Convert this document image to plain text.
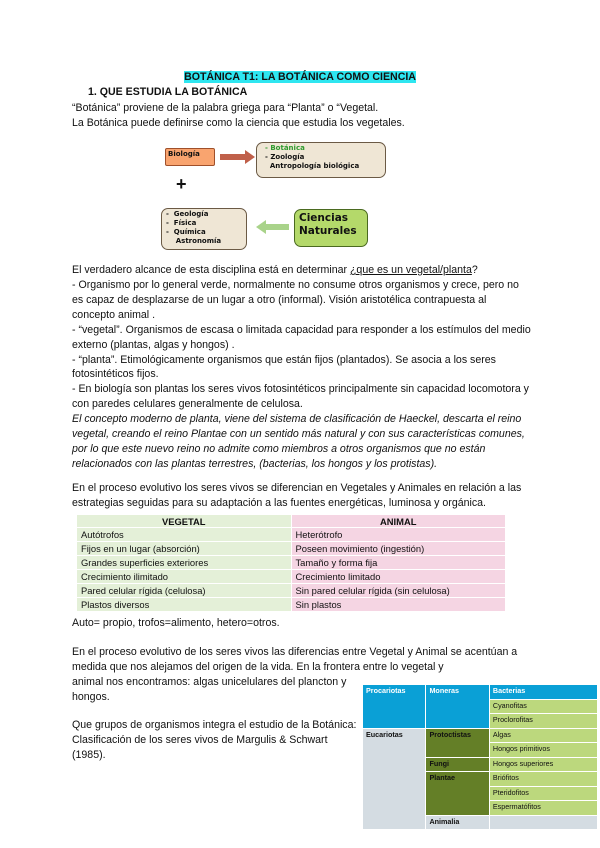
BOTÁNICA T1: LA BOTÁNICA COMO CIENCIA
1. QUE ESTUDIA LA BOTÁNICA
“Botánica” proviene de la palabra griega para “Planta” o “Vegetal.
La Botánica puede definirse como la ciencia que estudia los vegetales.
Biología
- Botánica
- Zoología
Antropología biológica
+
-  Geología
-  Física
-  Química
Astronomía
Ciencias Naturales
El verdadero alcance de esta disciplina está en determinar ¿que es un vegetal/planta?
- Organismo por lo general verde, normalmente no consume otros organismos y crece, pero no es capaz de desplazarse de un lugar a otro (informal). Visión aristotélica contrapuesta al concepto animal .
- “vegetal”. Organismos de escasa o limitada capacidad para responder a los estímulos del medio externo (plantas, algas y hongos) .
- “planta”. Etimológicamente organismos que están fijos (plantados). Se asocia a los seres fotosintéticos fijos.
- En biología son plantas los seres vivos fotosintéticos principalmente sin capacidad locomotora y con paredes celulares generalmente de celulosa.
El concepto moderno de planta, viene del sistema de clasificación de Haeckel, descarta el reino vegetal, creando el reino Plantae con un sentido más natural y con sus características comunes, por lo que este nuevo reino no admite como miembros a otros organismos que no están relacionados con las plantas terrestres, (bacterias, los hongos y los protistas).
En el proceso evolutivo los seres vivos se diferencian en Vegetales y Animales en relación a las estrategias seguidas para su adaptación a las fuentes energéticas, luminosa y orgánica.
VEGETAL	ANIMAL
Autótrofos	Heterótrofo
Fijos en un lugar (absorción)	Poseen movimiento (ingestión)
Grandes superficies exteriores	Tamaño y forma fija
Crecimiento ilimitado	Crecimiento limitado
Pared celular rígida (celulosa)	Sin pared celular rígida (sin celulosa)
Plastos diversos	Sin plastos
Auto= propio, trofos=alimento, hetero=otros.
En el proceso evolutivo de los seres vivos las diferencias entre Vegetal y Animal se acentúan a medida que nos alejamos del origen de la vida. En la frontera entre lo vegetal y
animal nos encontramos: algas unicelulares del plancton y hongos.
Que grupos de organismos integra el estudio de la Botánica: Clasificación de los seres vivos de Margulis & Schwart (1985).
Procariotas	Moneras	Bacterias
		Cyanofitas
		Proclorofitas
Eucariotas	Protoctistas	Algas
		Hongos primitivos
	Fungi	Hongos superiores
	Plantae	Briófitos
		Pteridofitos
		Espermatófitos
	Animalia	
